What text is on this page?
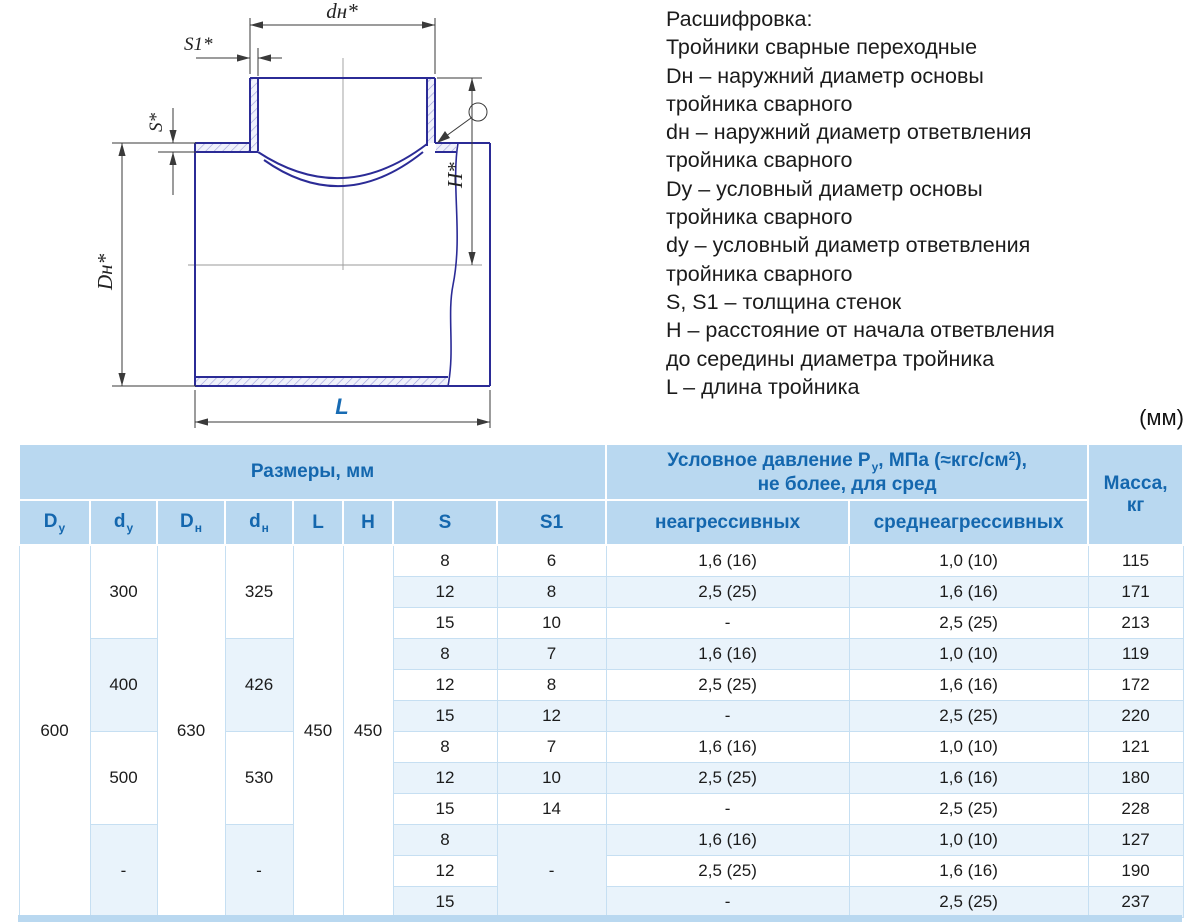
dн*
S1*
S*
Dн*
H*
L
Расшифровка:
Тройники сварные переходные
Dн – наружний диаметр основы
тройника сварного
dн – наружний диаметр ответвления
тройника сварного
Dy – условный диаметр основы
тройника сварного
dy – условный диаметр ответвления
тройника сварного
S, S1 – толщина стенок
H – расстояние от начала ответвления
до середины диаметра тройника
L – длина тройника
(мм)
Размеры, мм	
Условное давление $P_у$, МПа $(\approx кгс/см^2)$,
не более, для сред	Масса,
кг

$D_у$	$d_у$	$D_н$	$d_н$	L	H	S	S1	неагрессивных	среднеагрессивных	
600	300	630	325	450	450	8	6	1,6 (16)	1,0 (10)	115
						12	8	2,5 (25)	1,6 (16)	171
						15	10	-	2,5 (25)	213
	400		426			8	7	1,6 (16)	1,0 (10)	119
						12	8	2,5 (25)	1,6 (16)	172
						15	12	-	2,5 (25)	220
	500		530			8	7	1,6 (16)	1,0 (10)	121
						12	10	2,5 (25)	1,6 (16)	180
						15	14	-	2,5 (25)	228
	-		-			8	-	1,6 (16)	1,0 (10)	127
						12		2,5 (25)	1,6 (16)	190
						15		-	2,5 (25)	237
